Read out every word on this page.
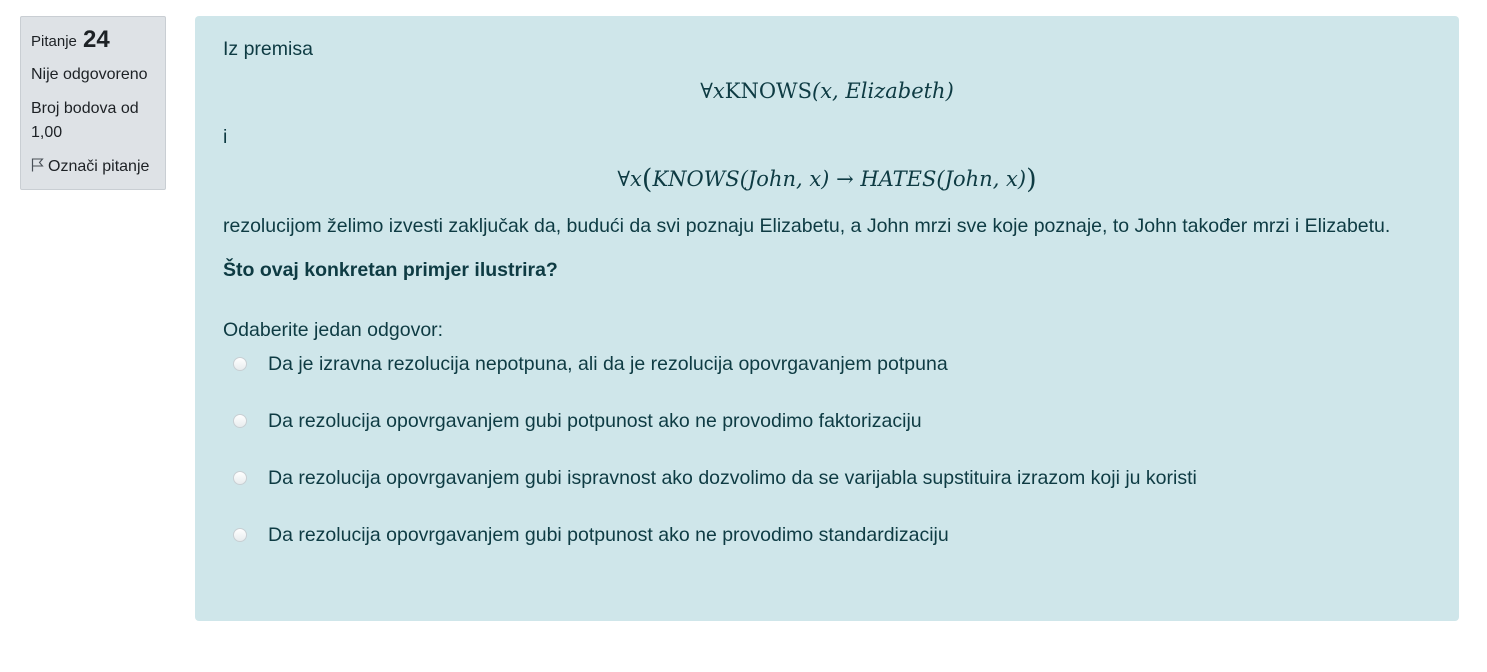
Pitanje 24
Nije odgovoreno
Broj bodova od 1,00
Označi pitanje

Iz premisa

∀xKNOWS(x, Elizabeth)

i

∀x(KNOWS(John, x) → HATES(John, x))

rezolucijom želimo izvesti zaključak da, budući da svi poznaju Elizabetu, a John mrzi sve koje poznaje, to John također mrzi i Elizabetu.

Što ovaj konkretan primjer ilustrira?

Odaberite jedan odgovor:

Da je izravna rezolucija nepotpuna, ali da je rezolucija opovrgavanjem potpuna
Da rezolucija opovrgavanjem gubi potpunost ako ne provodimo faktorizaciju
Da rezolucija opovrgavanjem gubi ispravnost ako dozvolimo da se varijabla supstituira izrazom koji ju koristi
Da rezolucija opovrgavanjem gubi potpunost ako ne provodimo standardizaciju
